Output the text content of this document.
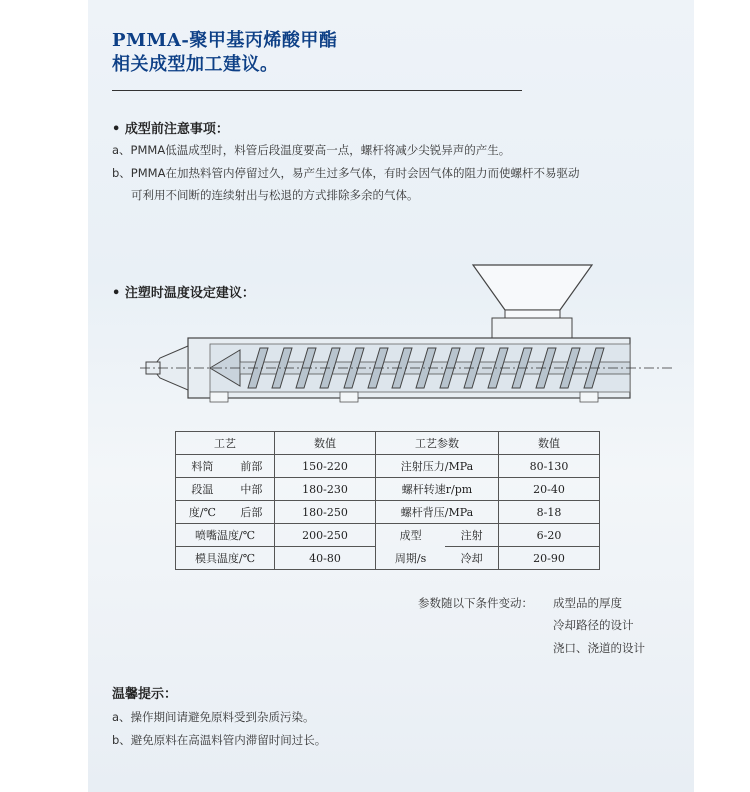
PMMA-聚甲基丙烯酸甲酯
相关成型加工建议。
• 成型前注意事项：
a、PMMA低温成型时，料管后段温度要高一点，螺杆将减少尖锐异声的产生。
b、PMMA在加热料管内停留过久，易产生过多气体，有时会因气体的阻力而使螺杆不易驱动
可利用不间断的连续射出与松退的方式排除多余的气体。
• 注塑时温度设定建议：
工艺		数值	工艺参数		数值
料筒	前部	150-220	注射压力/MPa		80-130
段温	中部	180-230	螺杆转速r/pm		20-40
度/℃	后部	180-250	螺杆背压/MPa		8-18
喷嘴温度/℃		200-250	成型	注射	6-20
模具温度/℃		40-80	周期/s	冷却	20-90
参数随以下条件变动： 成型品的厚度
冷却路径的设计
浇口、浇道的设计
温馨提示：
a、操作期间请避免原料受到杂质污染。
b、避免原料在高温料管内滞留时间过长。
